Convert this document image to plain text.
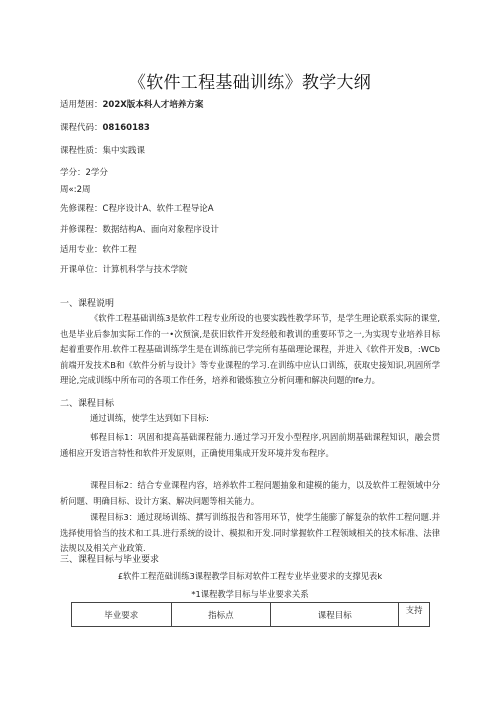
《软件工程基础训练》教学大纲
适用楚困：202X版本科人才培养方案
课程代码：08160183
课程性质：集中实践课
学分：2学分
周«:2周
先修课程：C程序设计A、软件工程导论A
并修课程：数据结构A、面向对象程序设计
适用专业：软件工程
开课单位：计算机科学与技术学院
一、课程说明

《软件工程基础训练3是软件工程专业所设的也要实践性教学环节，是学生理论联系实际的课堂,也是毕业后参加实际工作的一•次预演,是获旧软件开发经般和教训的重要环节之一,为实现专业培养目标起着重要作用.软件工程基础训练学生是在训练前已学完所有基础理论课程，并进入《软件开发B，:WCb前端开发技术B和《软件分析与设计》等专业课程的学习.在训练中应认口训练，获取史接知识,巩固所学理论,完成训练中所布司的各项工作任务，培养和锻炼独立分析问珊和解决问题的lfe力。

二、课程目标

通过训练，使学生达到如下目标:

邨程目标1：巩固和提高基础课程能力.通过学习开发小型程序,巩固前期基础课程知识，融会贯通相应开发语言特性和软件开发原则，正确使用集成开发环境并发布程序。

课程目标2：结合专业课程内容，培养软件工程问题抽象和建模的能力，以及软件工程领域中分析问题、明确目标、设计方案、解决问题等相关能力。

课程目标3：通过现场训练、撰写训练报告和答用环节，使学生能膨了解复杂的软件工程问题.并选择使用恰当的技术和工具.进行系统的设计、模拟和开发.同时掌握软件工程领域相关的技术标准、法律法规以及相关产业政策.

三、课程目标与毕业要求
£软件工程范础训练3课程教学目标对软件工程专业毕业要求的支撑见表k
*1课程教学目标与毕业要求关系
毕业要求	指标点	课程目标	支持
